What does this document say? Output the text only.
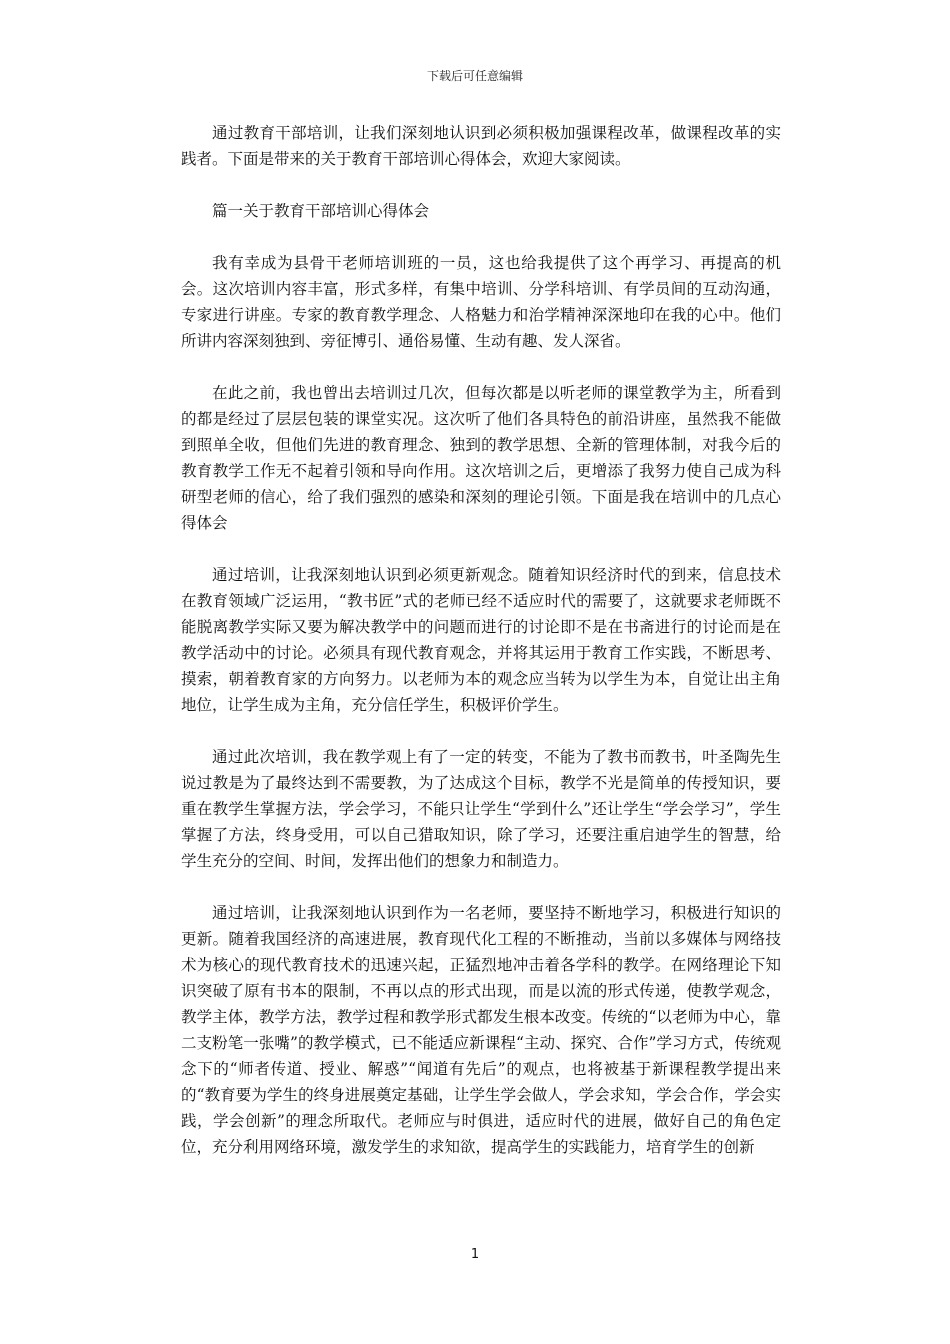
下载后可任意编辑

通过教育干部培训，让我们深刻地认识到必须积极加强课程改革，做课程改革的实践者。下面是带来的关于教育干部培训心得体会，欢迎大家阅读。

篇一关于教育干部培训心得体会

我有幸成为县骨干老师培训班的一员，这也给我提供了这个再学习、再提高的机会。这次培训内容丰富，形式多样，有集中培训、分学科培训、有学员间的互动沟通，专家进行讲座。专家的教育教学理念、人格魅力和治学精神深深地印在我的心中。他们所讲内容深刻独到、旁征博引、通俗易懂、生动有趣、发人深省。

在此之前，我也曾出去培训过几次，但每次都是以听老师的课堂教学为主，所看到的都是经过了层层包装的课堂实况。这次听了他们各具特色的前沿讲座，虽然我不能做到照单全收，但他们先进的教育理念、独到的教学思想、全新的管理体制，对我今后的教育教学工作无不起着引领和导向作用。这次培训之后，更增添了我努力使自己成为科研型老师的信心，给了我们强烈的感染和深刻的理论引领。下面是我在培训中的几点心得体会

通过培训，让我深刻地认识到必须更新观念。随着知识经济时代的到来，信息技术在教育领域广泛运用，“教书匠”式的老师已经不适应时代的需要了，这就要求老师既不能脱离教学实际又要为解决教学中的问题而进行的讨论即不是在书斋进行的讨论而是在教学活动中的讨论。必须具有现代教育观念，并将其运用于教育工作实践，不断思考、摸索，朝着教育家的方向努力。以老师为本的观念应当转为以学生为本，自觉让出主角地位，让学生成为主角，充分信任学生，积极评价学生。

通过此次培训，我在教学观上有了一定的转变，不能为了教书而教书，叶圣陶先生说过教是为了最终达到不需要教，为了达成这个目标，教学不光是简单的传授知识，要重在教学生掌握方法，学会学习，不能只让学生“学到什么”还让学生“学会学习”，学生掌握了方法，终身受用，可以自己猎取知识，除了学习，还要注重启迪学生的智慧，给学生充分的空间、时间，发挥出他们的想象力和制造力。

通过培训，让我深刻地认识到作为一名老师，要坚持不断地学习，积极进行知识的更新。随着我国经济的高速进展，教育现代化工程的不断推动，当前以多媒体与网络技术为核心的现代教育技术的迅速兴起，正猛烈地冲击着各学科的教学。在网络理论下知识突破了原有书本的限制，不再以点的形式出现，而是以流的形式传递，使教学观念，教学主体，教学方法，教学过程和教学形式都发生根本改变。传统的“以老师为中心，靠二支粉笔一张嘴”的教学模式，已不能适应新课程“主动、探究、合作”学习方式，传统观念下的“师者传道、授业、解惑”“闻道有先后”的观点，也将被基于新课程教学提出来的“教育要为学生的终身进展奠定基础，让学生学会做人，学会求知，学会合作，学会实践，学会创新”的理念所取代。老师应与时俱进，适应时代的进展，做好自己的角色定位，充分利用网络环境，激发学生的求知欲，提高学生的实践能力，培育学生的创新

1
